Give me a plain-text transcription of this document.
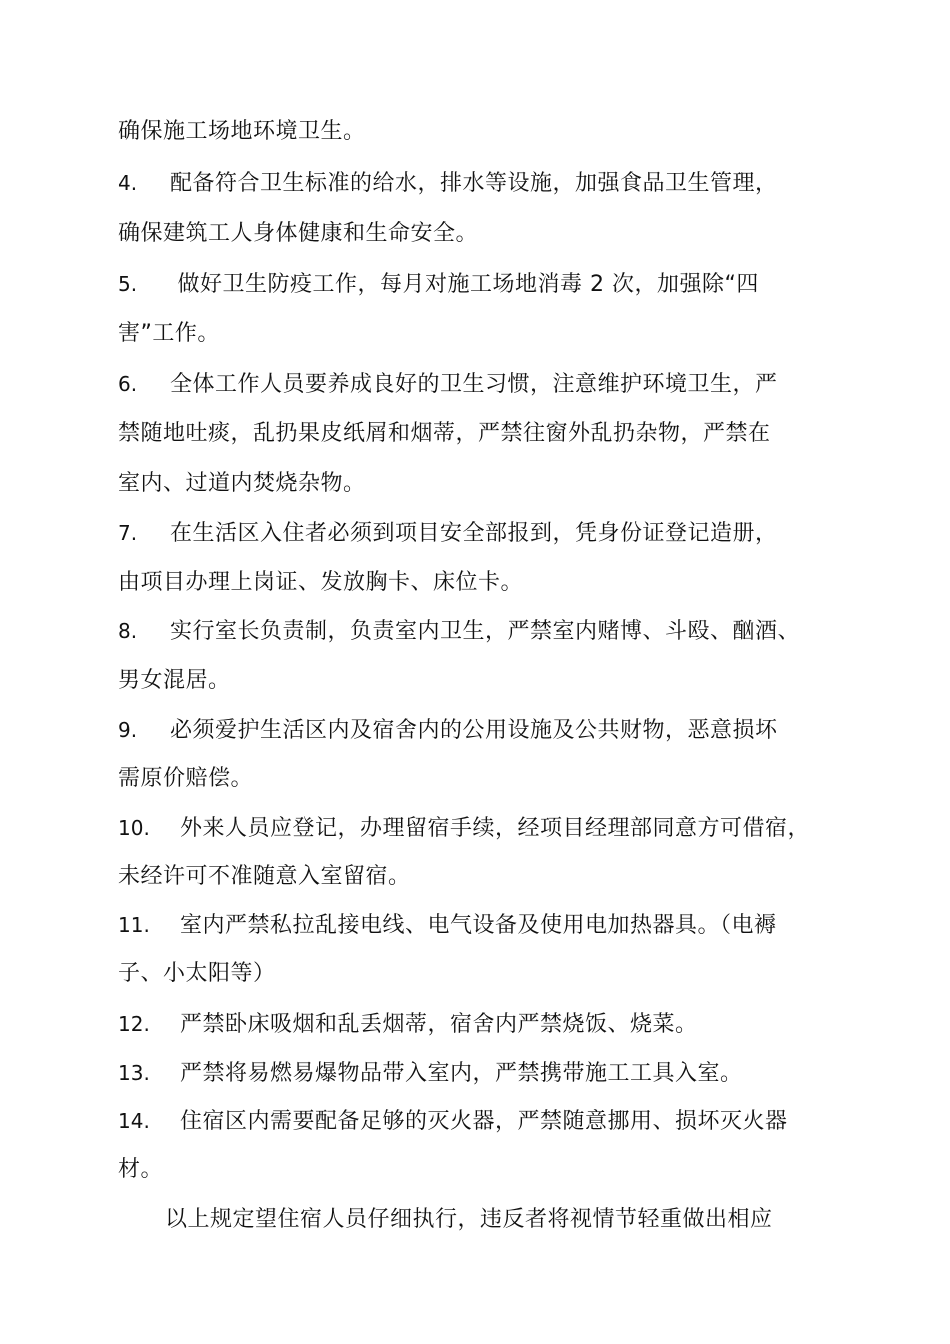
确保施工场地环境卫生。
4. 配备符合卫生标准的给水，排水等设施，加强食品卫生管理，
确保建筑工人身体健康和生命安全。
5. 做好卫生防疫工作，每月对施工场地消毒 2 次，加强除“四
害”工作。
6. 全体工作人员要养成良好的卫生习惯，注意维护环境卫生，严
禁随地吐痰，乱扔果皮纸屑和烟蒂，严禁往窗外乱扔杂物，严禁在
室内、过道内焚烧杂物。
7. 在生活区入住者必须到项目安全部报到，凭身份证登记造册，
由项目办理上岗证、发放胸卡、床位卡。
8. 实行室长负责制，负责室内卫生，严禁室内赌博、斗殴、酗酒、
男女混居。
9. 必须爱护生活区内及宿舍内的公用设施及公共财物，恶意损坏
需原价赔偿。
10. 外来人员应登记，办理留宿手续，经项目经理部同意方可借宿，
未经许可不准随意入室留宿。
11. 室内严禁私拉乱接电线、电气设备及使用电加热器具。（电褥
子、小太阳等）
12. 严禁卧床吸烟和乱丢烟蒂，宿舍内严禁烧饭、烧菜。
13. 严禁将易燃易爆物品带入室内，严禁携带施工工具入室。
14. 住宿区内需要配备足够的灭火器，严禁随意挪用、损坏灭火器
材。
以上规定望住宿人员仔细执行，违反者将视情节轻重做出相应
